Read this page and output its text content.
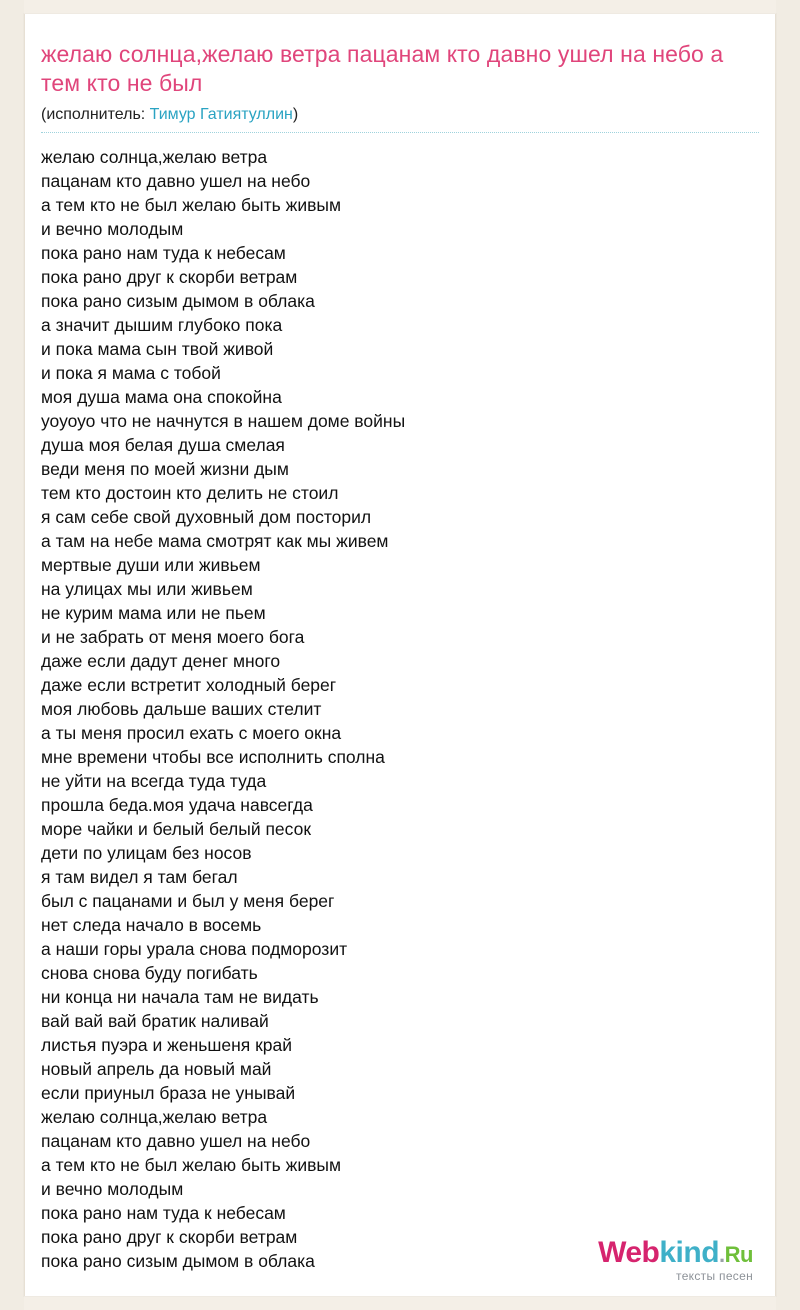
желаю солнца,желаю ветра пацанам кто давно ушел на небо а тем кто не был
(исполнитель: Тимур Гатиятуллин)
желаю солнца,желаю ветра
пацанам кто давно ушел на небо
а тем кто не был желаю быть живым
и вечно молодым
пока рано нам туда к небесам
пока рано друг к скорби ветрам
пока рано сизым дымом в облака
а значит дышим глубоко пока
и пока мама сын твой живой
и пока я мама с тобой
моя душа мама она спокойна
уоуоуо что не начнутся в нашем доме войны
душа моя белая душа смелая
веди меня по моей жизни дым
тем кто достоин кто делить не стоил
я сам себе свой духовный дом посторил
а там на небе мама смотрят как мы живем
мертвые души или живьем
на улицах мы или живьем
не курим мама или не пьем
и не забрать от меня моего бога
даже если дадут денег много
даже если встретит холодный берег
моя любовь дальше ваших стелит
а ты меня просил ехать с моего окна
мне времени чтобы все исполнить сполна
не уйти на всегда туда туда
прошла беда.моя удача навсегда
море чайки и белый белый песок
дети по улицам без носов
я там видел я там бегал
был с пацанами и был у меня берег
нет следа начало в восемь
а наши горы урала снова подморозит
снова снова буду погибать
ни конца ни начала там не видать
вай вай вай братик наливай
листья пуэра и женьшеня край
новый апрель да новый май
если приуныл браза не унывай
желаю солнца,желаю ветра
пацанам кто давно ушел на небо
а тем кто не был желаю быть живым
и вечно молодым
пока рано нам туда к небесам
пока рано друг к скорби ветрам
пока рано сизым дымом в облака	Webkind.Ru
тексты песен
